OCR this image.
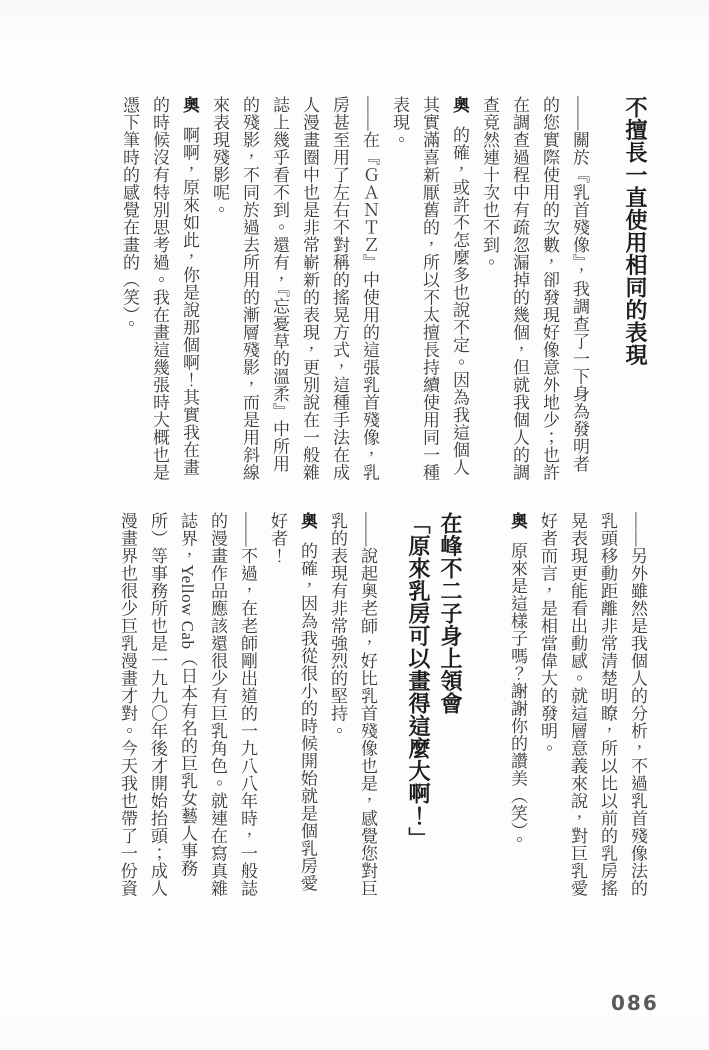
不擅長一直使用相同的表現

——關於『乳首殘像』，我調查了一下身為發明者的您實際使用的次數，卻發現好像意外地少；也許在調查過程中有疏忽漏掉的幾個，但就我個人的調查竟然連十次也不到。

奧的確，或許不怎麼多也說不定。因為我這個人其實滿喜新厭舊的，所以不太擅長持續使用同一種表現。

——在『ＧＡＮＴＺ』中使用的這張乳首殘像，乳房甚至用了左右不對稱的搖晃方式，這種手法在成人漫畫圈中也是非常嶄新的表現，更別說在一般雜誌上幾乎看不到。還有，『忘憂草的溫柔』中所用的殘影，不同於過去所用的漸層殘影，而是用斜線來表現殘影呢。

奧啊啊，原來如此，你是說那個啊！其實我在畫的時候沒有特別思考過。我在畫這幾張時大概也是憑下筆時的感覺在畫的（笑）。

——另外雖然是我個人的分析，不過乳首殘像法的乳頭移動距離非常清楚明瞭，所以比以前的乳房搖晃表現更能看出動感。就這層意義來說，對巨乳愛好者而言，是相當偉大的發明。

奧原來是這樣子嗎？謝謝你的讚美（笑）。

在峰不二子身上領會
「原來乳房可以畫得這麼大啊！」

——說起奧老師，好比乳首殘像也是，感覺您對巨乳的表現有非常強烈的堅持。

奧的確，因為我從很小的時候開始就是個乳房愛好者！

——不過，在老師剛出道的一九八八年時，一般誌的漫畫作品應該還很少有巨乳角色。就連在寫真雜誌界，Yellow Cab（日本有名的巨乳女藝人事務所）等事務所也是一九九〇年後才開始抬頭；成人漫畫界也很少巨乳漫畫才對。今天我也帶了一份資

086
